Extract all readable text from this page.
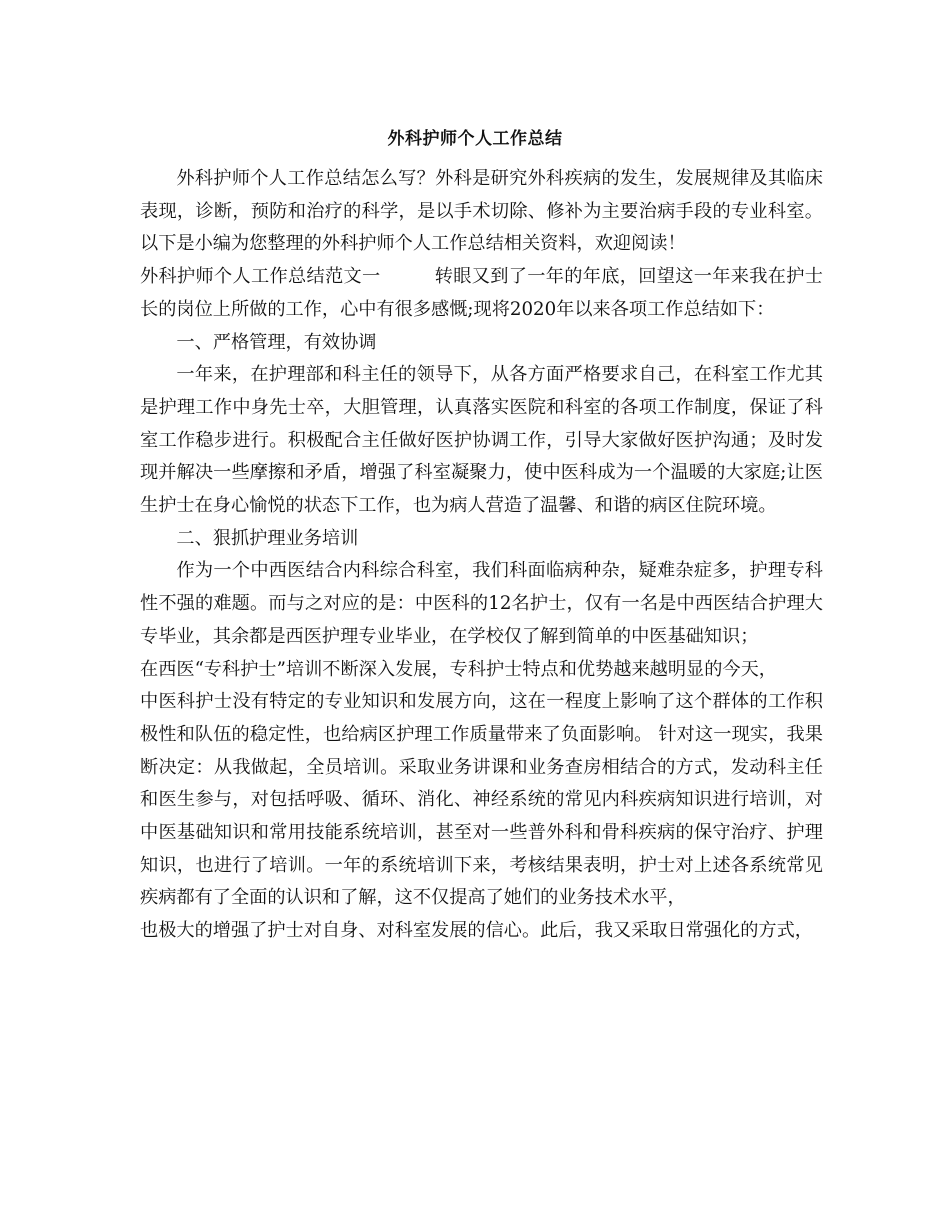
外科护师个人工作总结

外科护师个人工作总结怎么写？外科是研究外科疾病的发生，发展规律及其临床表现，诊断，预防和治疗的科学，是以手术切除、修补为主要治病手段的专业科室。以下是小编为您整理的外科护师个人工作总结相关资料，欢迎阅读！

外科护师个人工作总结范文一	转眼又到了一年的年底，回望这一年来我在护士长的岗位上所做的工作，心中有很多感慨;现将2020年以来各项工作总结如下：

一、严格管理，有效协调

一年来，在护理部和科主任的领导下，从各方面严格要求自己，在科室工作尤其是护理工作中身先士卒，大胆管理，认真落实医院和科室的各项工作制度，保证了科室工作稳步进行。积极配合主任做好医护协调工作，引导大家做好医护沟通；及时发现并解决一些摩擦和矛盾，增强了科室凝聚力，使中医科成为一个温暖的大家庭;让医生护士在身心愉悦的状态下工作，也为病人营造了温馨、和谐的病区住院环境。

二、狠抓护理业务培训

作为一个中西医结合内科综合科室，我们科面临病种杂，疑难杂症多，护理专科性不强的难题。而与之对应的是：中医科的12名护士，仅有一名是中西医结合护理大专毕业，其余都是西医护理专业毕业，在学校仅了解到简单的中医基础知识；

在西医“专科护士”培训不断深入发展，专科护士特点和优势越来越明显的今天，

中医科护士没有特定的专业知识和发展方向，这在一程度上影响了这个群体的工作积极性和队伍的稳定性，也给病区护理工作质量带来了负面影响。 针对这一现实，我果断决定：从我做起，全员培训。采取业务讲课和业务查房相结合的方式，发动科主任和医生参与，对包括呼吸、循环、消化、神经系统的常见内科疾病知识进行培训，对中医基础知识和常用技能系统培训，甚至对一些普外科和骨科疾病的保守治疗、护理知识，也进行了培训。一年的系统培训下来，考核结果表明，护士对上述各系统常见疾病都有了全面的认识和了解，这不仅提高了她们的业务技术水平，

也极大的增强了护士对自身、对科室发展的信心。此后，我又采取日常强化的方式，
